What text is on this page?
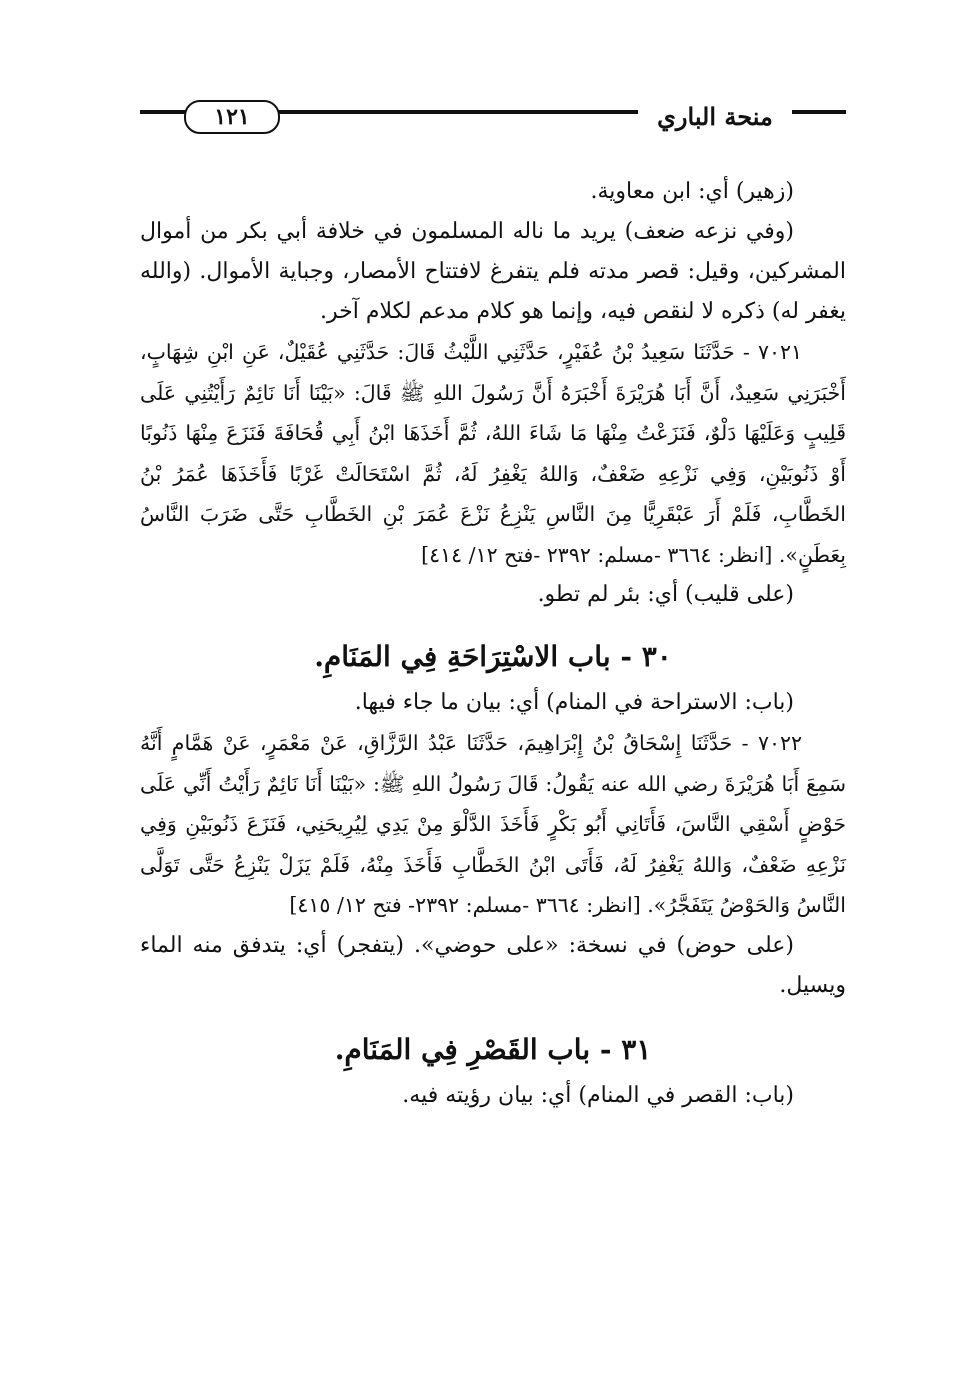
١٢١	منحة الباري

(زهير) أي: ابن معاوية.

(وفي نزعه ضعف) يريد ما ناله المسلمون في خلافة أبي بكر من أموال المشركين، وقيل: قصر مدته فلم يتفرغ لافتتاح الأمصار، وجباية الأموال. (والله يغفر له) ذكره لا لنقص فيه، وإنما هو كلام مدعم لكلام آخر.

٧٠٢١ - حَدَّثَنَا سَعِيدُ بْنُ عُفَيْرٍ، حَدَّثَنِي اللَّيْثُ قَالَ: حَدَّثَنِي عُقَيْلٌ، عَنِ ابْنِ شِهَابٍ، أَخْبَرَنِي سَعِيدٌ، أَنَّ أَبَا هُرَيْرَةَ أَخْبَرَهُ أَنَّ رَسُولَ اللهِ ﷺ قَالَ: «بَيْنَا أَنَا نَائِمٌ رَأَيْتُنِي عَلَى قَلِيبٍ وَعَلَيْهَا دَلْوٌ، فَنَزَعْتُ مِنْهَا مَا شَاءَ اللهُ، ثُمَّ أَخَذَهَا ابْنُ أَبِي قُحَافَةَ فَنَزَعَ مِنْهَا ذَنُوبًا أَوْ ذَنُوبَيْنِ، وَفِي نَزْعِهِ ضَعْفٌ، وَاللهُ يَغْفِرُ لَهُ، ثُمَّ اسْتَحَالَتْ غَرْبًا فَأَخَذَهَا عُمَرُ بْنُ الخَطَّابِ، فَلَمْ أَرَ عَبْقَرِيًّا مِنَ النَّاسِ يَنْزِعُ نَزْعَ عُمَرَ بْنِ الخَطَّابِ حَتَّى ضَرَبَ النَّاسُ بِعَطَنٍ». [انظر: ٣٦٦٤ -مسلم: ٢٣٩٢ -فتح ١٢/ ٤١٤]

(على قليب) أي: بئر لم تطو.

٣٠ - باب الاسْتِرَاحَةِ فِي المَنَامِ.

(باب: الاستراحة في المنام) أي: بيان ما جاء فيها.

٧٠٢٢ - حَدَّثَنَا إِسْحَاقُ بْنُ إِبْرَاهِيمَ، حَدَّثَنَا عَبْدُ الرَّزَّاقِ، عَنْ مَعْمَرٍ، عَنْ هَمَّامٍ أَنَّهُ سَمِعَ أَبَا هُرَيْرَةَ رضي الله عنه يَقُولُ: قَالَ رَسُولُ اللهِ ﷺ: «بَيْنَا أَنَا نَائِمٌ رَأَيْتُ أَنِّي عَلَى حَوْضٍ أَسْقِي النَّاسَ، فَأَتَانِي أَبُو بَكْرٍ فَأَخَذَ الدَّلْوَ مِنْ يَدِي لِيُرِيحَنِي، فَنَزَعَ ذَنُوبَيْنِ وَفِي نَزْعِهِ ضَعْفٌ، وَاللهُ يَغْفِرُ لَهُ، فَأَتَى ابْنُ الخَطَّابِ فَأَخَذَ مِنْهُ، فَلَمْ يَزَلْ يَنْزِعُ حَتَّى تَوَلَّى النَّاسُ وَالحَوْضُ يَتَفَجَّرُ». [انظر: ٣٦٦٤ -مسلم: ٢٣٩٢- فتح ١٢/ ٤١٥]

(على حوض) في نسخة: «على حوضي». (يتفجر) أي: يتدفق منه الماء ويسيل.

٣١ - باب القَصْرِ فِي المَنَامِ.

(باب: القصر في المنام) أي: بيان رؤيته فيه.
